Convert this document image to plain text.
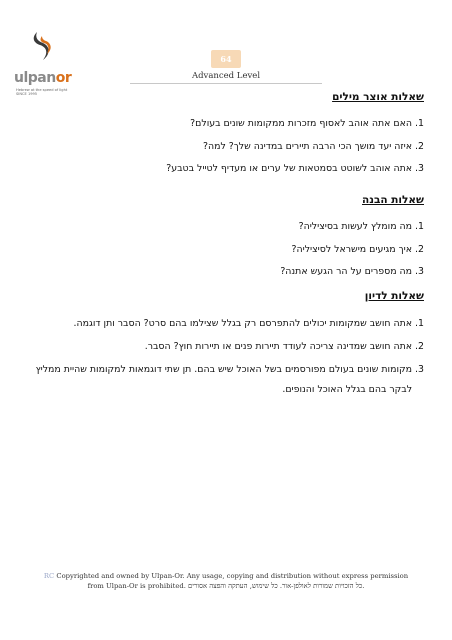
ulpanor
Hebrew at the speed of light
SINCE 1995
64
Advanced Level
שאלות אוצר מילים
1.
האם אתה אוהב לאסוף מזכרות ממקומות שונים בעולם?
2.
איזה יעד מושך הכי הרבה תיירים במדינה שלך? למה?
3.
אתה אוהב לשוטט בסמטאות של ערים או מעדיף לטייל בטבע?
שאלות הבנה
1.
מה מומלץ לעשות בסיציליה?
2.
איך מגיעים מישראל לסיציליה?
3.
מה מספרים על הר הגעש אתנה?
שאלות לדיון
1.
אתה חושב שמקומות יכולים להתפרסם רק בגלל שצילמו בהם סרט? הסבר ותן דוגמה.
2.
אתה חושב שמדינה צריכה לעודד תיירות פנים או תיירות חוץ? הסבר.
3.
מקומות שונים בעולם מפורסמים בשל האוכל שיש בהם. תן שתי דוגמאות למקומות שהיית ממליץ לבקר בהם בגלל האוכל והנופים.
RC Copyrighted and owned by Ulpan-Or. Any usage, copying and distribution without express permission
from Ulpan-Or is prohibited. כל הזכויות שמורות לאולפן-אור. כל שימוש, העתקה והפצה אסורים.
